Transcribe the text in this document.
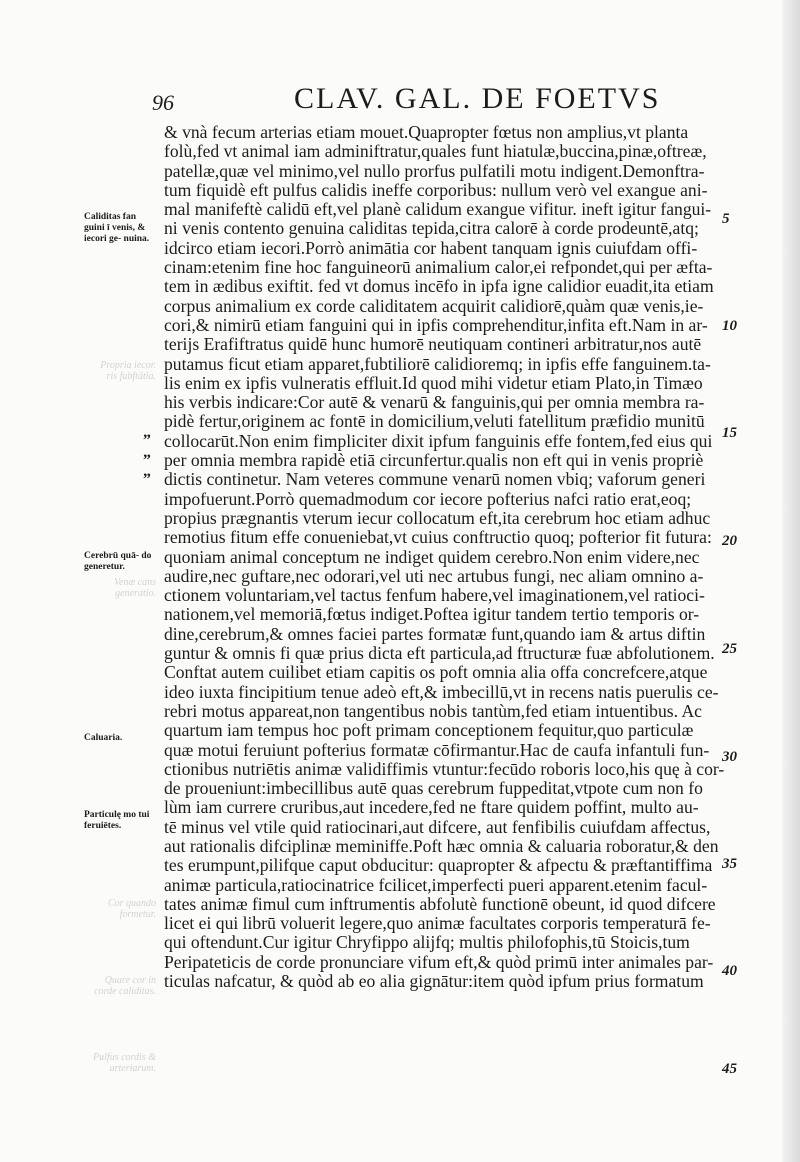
96	CLAV. GAL. DE FOETVS
& vnà fecum arterias etiam mouet.Quapropter fœtus non amplius,vt planta
folù,fed vt animal iam adminiftratur,quales funt hiatulæ,buccina,pinæ,oftreæ,
patellæ,quæ vel minimo,vel nullo prorfus pulfatili motu indigent.Demonftra-
tum fiquidè eft pulfus calidis ineffe corporibus: nullum verò vel exangue ani-
mal manifeftè calidū eft,vel planè calidum exangue vifitur. ineft igitur fangui-
ni venis contento genuina caliditas tepida,citra calorē à corde prodeuntē,atq;
idcirco etiam iecori.Porrò animātia cor habent tanquam ignis cuiufdam offi-
cinam:etenim fine hoc fanguineorū animalium calor,ei refpondet,qui per æfta-
tem in ædibus exiftit. fed vt domus incēfo in ipfa igne calidior euadit,ita etiam
corpus animalium ex corde caliditatem acquirit calidiorē,quàm quæ venis,ie-
cori,& nimirū etiam fanguini qui in ipfis comprehenditur,infita eft.Nam in ar-
terijs Erafiftratus quidē hunc humorē neutiquam contineri arbitratur,nos autē
putamus ficut etiam apparet,fubtiliorē calidioremq; in ipfis effe fanguinem.ta-
lis enim ex ipfis vulneratis effluit.Id quod mihi videtur etiam Plato,in Timæo
his verbis indicare:Cor autē & venarū & fanguinis,qui per omnia membra ra-
pidè fertur,originem ac fontē in domicilium,veluti fatellitum præfidio munitū
collocarūt.Non enim fimpliciter dixit ipfum fanguinis effe fontem,fed eius qui
per omnia membra rapidè etiā circunfertur.qualis non eft qui in venis propriè
dictis continetur. Nam veteres commune venarū nomen vbiq; vaforum generi
impofuerunt.Porrò quemadmodum cor iecore pofterius nafci ratio erat,eoq;
propius prægnantis vterum iecur collocatum eft,ita cerebrum hoc etiam adhuc
remotius fitum effe conueniebat,vt cuius conftructio quoq; pofterior fit futura:
quoniam animal conceptum ne indiget quidem cerebro.Non enim videre,nec
audire,nec guftare,nec odorari,vel uti nec artubus fungi, nec aliam omnino a-
ctionem voluntariam,vel tactus fenfum habere,vel imaginationem,vel ratioci-
nationem,vel memoriā,fœtus indiget.Poftea igitur tandem tertio temporis or-
dine,cerebrum,& omnes faciei partes formatæ funt,quando iam & artus diftin
guntur & omnis fi quæ prius dicta eft particula,ad ftructuræ fuæ abfolutionem.
Conftat autem cuilibet etiam capitis os poft omnia alia offa concrefcere,atque
ideo iuxta fincipitium tenue adeò eft,& imbecillū,vt in recens natis puerulis ce-
rebri motus appareat,non tangentibus nobis tantùm,fed etiam intuentibus. Ac
quartum iam tempus hoc poft primam conceptionem fequitur,quo particulæ
quæ motui feruiunt pofterius formatæ cōfirmantur.Hac de caufa infantuli fun-
ctionibus nutriētis animæ validiffimis vtuntur:fecūdo roboris loco,his quę à cor-
de proueniunt:imbecillibus autē quas cerebrum fuppeditat,vtpote cum non fo
lùm iam currere cruribus,aut incedere,fed ne ftare quidem poffint, multo au-
tē minus vel vtile quid ratiocinari,aut difcere, aut fenfibilis cuiufdam affectus,
aut rationalis difciplinæ meminiffe.Poft hæc omnia & caluaria roboratur,& den
tes erumpunt,pilifque caput obducitur: quapropter & afpectu & præftantiffima
animæ particula,ratiocinatrice fcilicet,imperfecti pueri apparent.etenim facul-
tates animæ fimul cum inftrumentis abfolutè functionē obeunt, id quod difcere
licet ei qui librū voluerit legere,quo animæ facultates corporis temperaturā fe-
qui oftendunt.Cur igitur Chryfippo alijfq; multis philofophis,tū Stoicis,tum
Peripateticis de corde pronunciare vifum eft,& quòd primū inter animales par-
ticulas nafcatur, & quòd ab eo alia gignātur:item quòd ipfum prius formatum
„
„
„
5
10
15
20
25
30
35
40
45
Caliditas fan guini ī venis, & iecori ge- nuina.
Cerebrū quā- do generetur.
Caluaria.
Particulę mo tui feruiētes.
Propria iecor. ris fubftātia.
Venæ cans generatio.
Cor quando formetur.
Quare cor in corde caliditas.
Pulfus cordis & arteriarum.
